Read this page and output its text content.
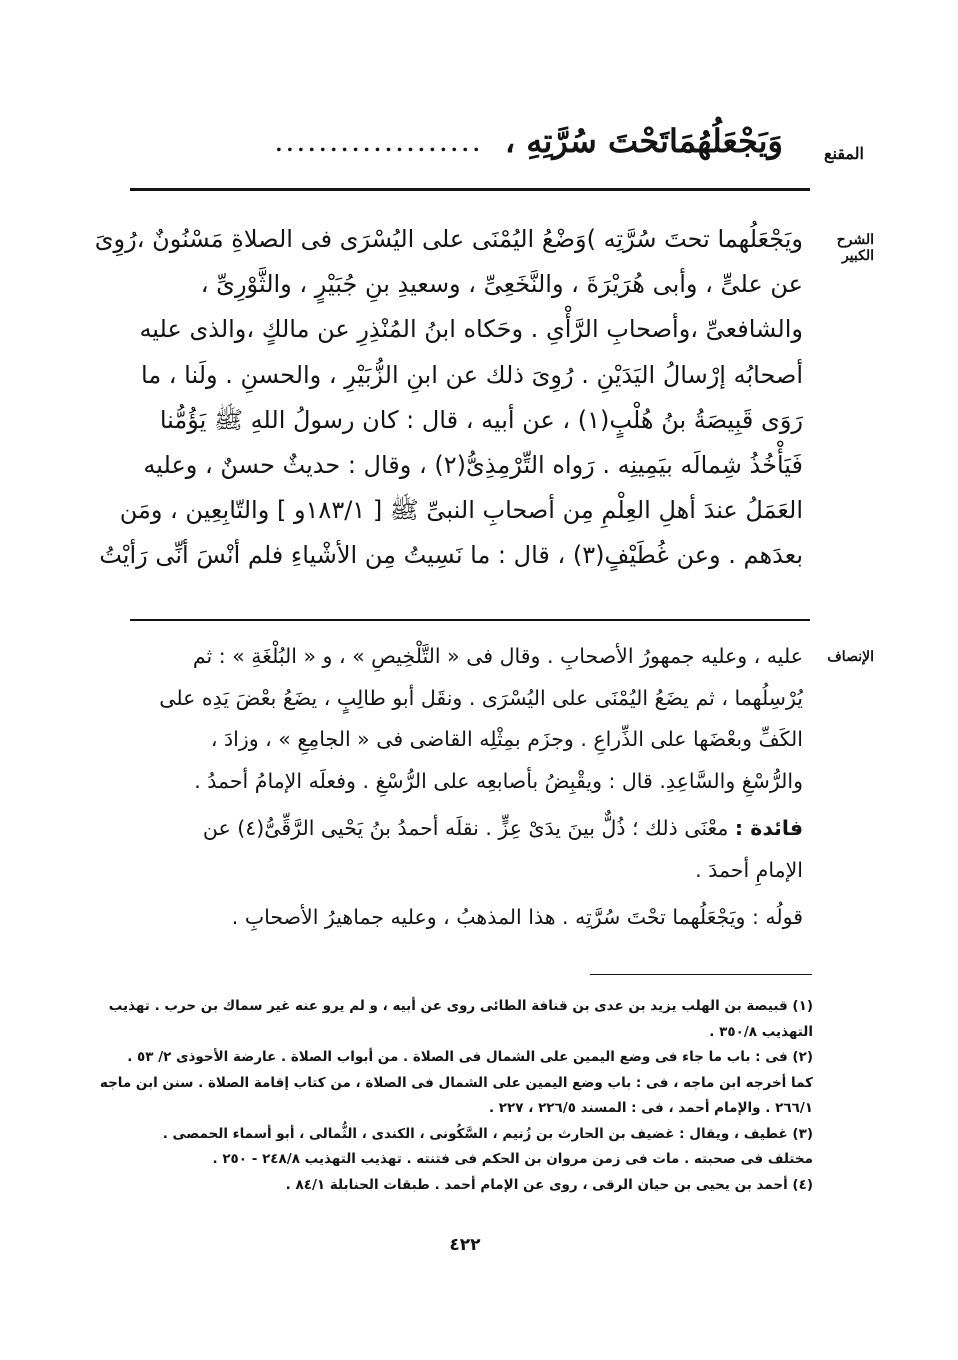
المقنع
وَيَجْعَلُهُمَاتَحْتَ سُرَّتِهِ ، ...................
الشرح الكبير
ويَجْعَلُهما تحتَ سُرَّتِه )وَضْعُ اليُمْنَى على اليُسْرَى فى الصلاةِ مَسْنُونٌ ،رُوِىَ
عن علىٍّ ، وأبى هُرَيْرَةَ ، والنَّخَعِىِّ ، وسعيدِ بنِ جُبَيْرٍ ، والثَّوْرِىِّ ،
والشافعىِّ ،وأصحابِ الرَّأْىِ . وحَكاه ابنُ المُنْذِرِ عن مالكٍ ،والذى عليه
أصحابُه إرْسالُ اليَدَيْنِ . رُوِىَ ذلك عن ابنِ الزُّبَيْرِ ، والحسنِ . ولَنا ، ما
رَوَى قَبِيصَةُ بنُ هُلْبٍ(١) ، عن أبيه ، قال : كان رسولُ اللهِ ﷺ يَؤُمُّنا
فَيَأْخُذُ شِمالَه بيَمِينِه . رَواه التِّرْمِذِىُّ(٢) ، وقال : حديثٌ حسنٌ ، وعليه
العَمَلُ عندَ أهلِ العِلْمِ مِن أصحابِ النبىِّ ﷺ [ ١٨٣/١و ] والتّابِعِين ، ومَن
بعدَهم . وعن غُطَيْفٍ(٣) ، قال : ما نَسِيتُ مِن الأشْياءِ فلم أنْسَ أنِّى رَأيْتُ
الإنصاف
عليه ، وعليه جمهورُ الأصحابِ . وقال فى « التَّلْخِيصِ » ، و « البُلْغَةِ » : ثم
يُرْسِلُهما ، ثم يضَعُ اليُمْنَى على اليُسْرَى . ونقَل أبو طالِبٍ ، يضَعُ بعْضَ يَدِه على
الكَفِّ وبعْضَها على الذِّراعِ . وجزَم بمِثْلِه القاضى فى « الجامِعِ » ، وزادَ ،
والرُّسْغِ والسَّاعِدِ. قال : ويقْبِضُ بأصابعِه على الرُّسْغِ . وفعلَه الإمامُ أحمدُ .
فائدة : معْنَى ذلك ؛ ذُلٌّ بينَ يدَىْ عِزٍّ . نقلَه أحمدُ بنُ يَحْيى الرَّقِّىُّ(٤) عن
الإمامِ أحمدَ .
قولُه : ويَجْعَلُهما تحْتَ سُرَّتِه . هذا المذهبُ ، وعليه جماهيرُ الأصحابِ .
(١) قبيصة بن الهلب يزيد بن عدى بن قنافة الطائى روى عن أبيه ، و لم يرو عنه غير سماك بن حرب . تهذيب
التهذيب ٣٥٠/٨ .
(٢) فى : باب ما جاء فى وضع اليمين على الشمال فى الصلاة . من أبواب الصلاة . عارضة الأحوذى ٢/ ٥٣ .
كما أخرجه ابن ماجه ، فى : باب وضع اليمين على الشمال فى الصلاة ، من كتاب إقامة الصلاة . سنن ابن ماجه
٢٦٦/١ . والإمام أحمد ، فى : المسند ٢٢٦/٥ ، ٢٢٧ .
(٣) غطيف ، ويقال : غضيف بن الحارث بن زُنيم ، السَّكُونى ، الكندى ، الثُّمالى ، أبو أسماء الحمصى .
مختلف فى صحبته . مات فى زمن مروان بن الحكم فى فتنته . تهذيب التهذيب ٢٤٨/٨ - ٢٥٠ .
(٤) أحمد بن يحيى بن حيان الرقى ، روى عن الإمام أحمد . طبقات الحنابلة ٨٤/١ .
٤٢٢
